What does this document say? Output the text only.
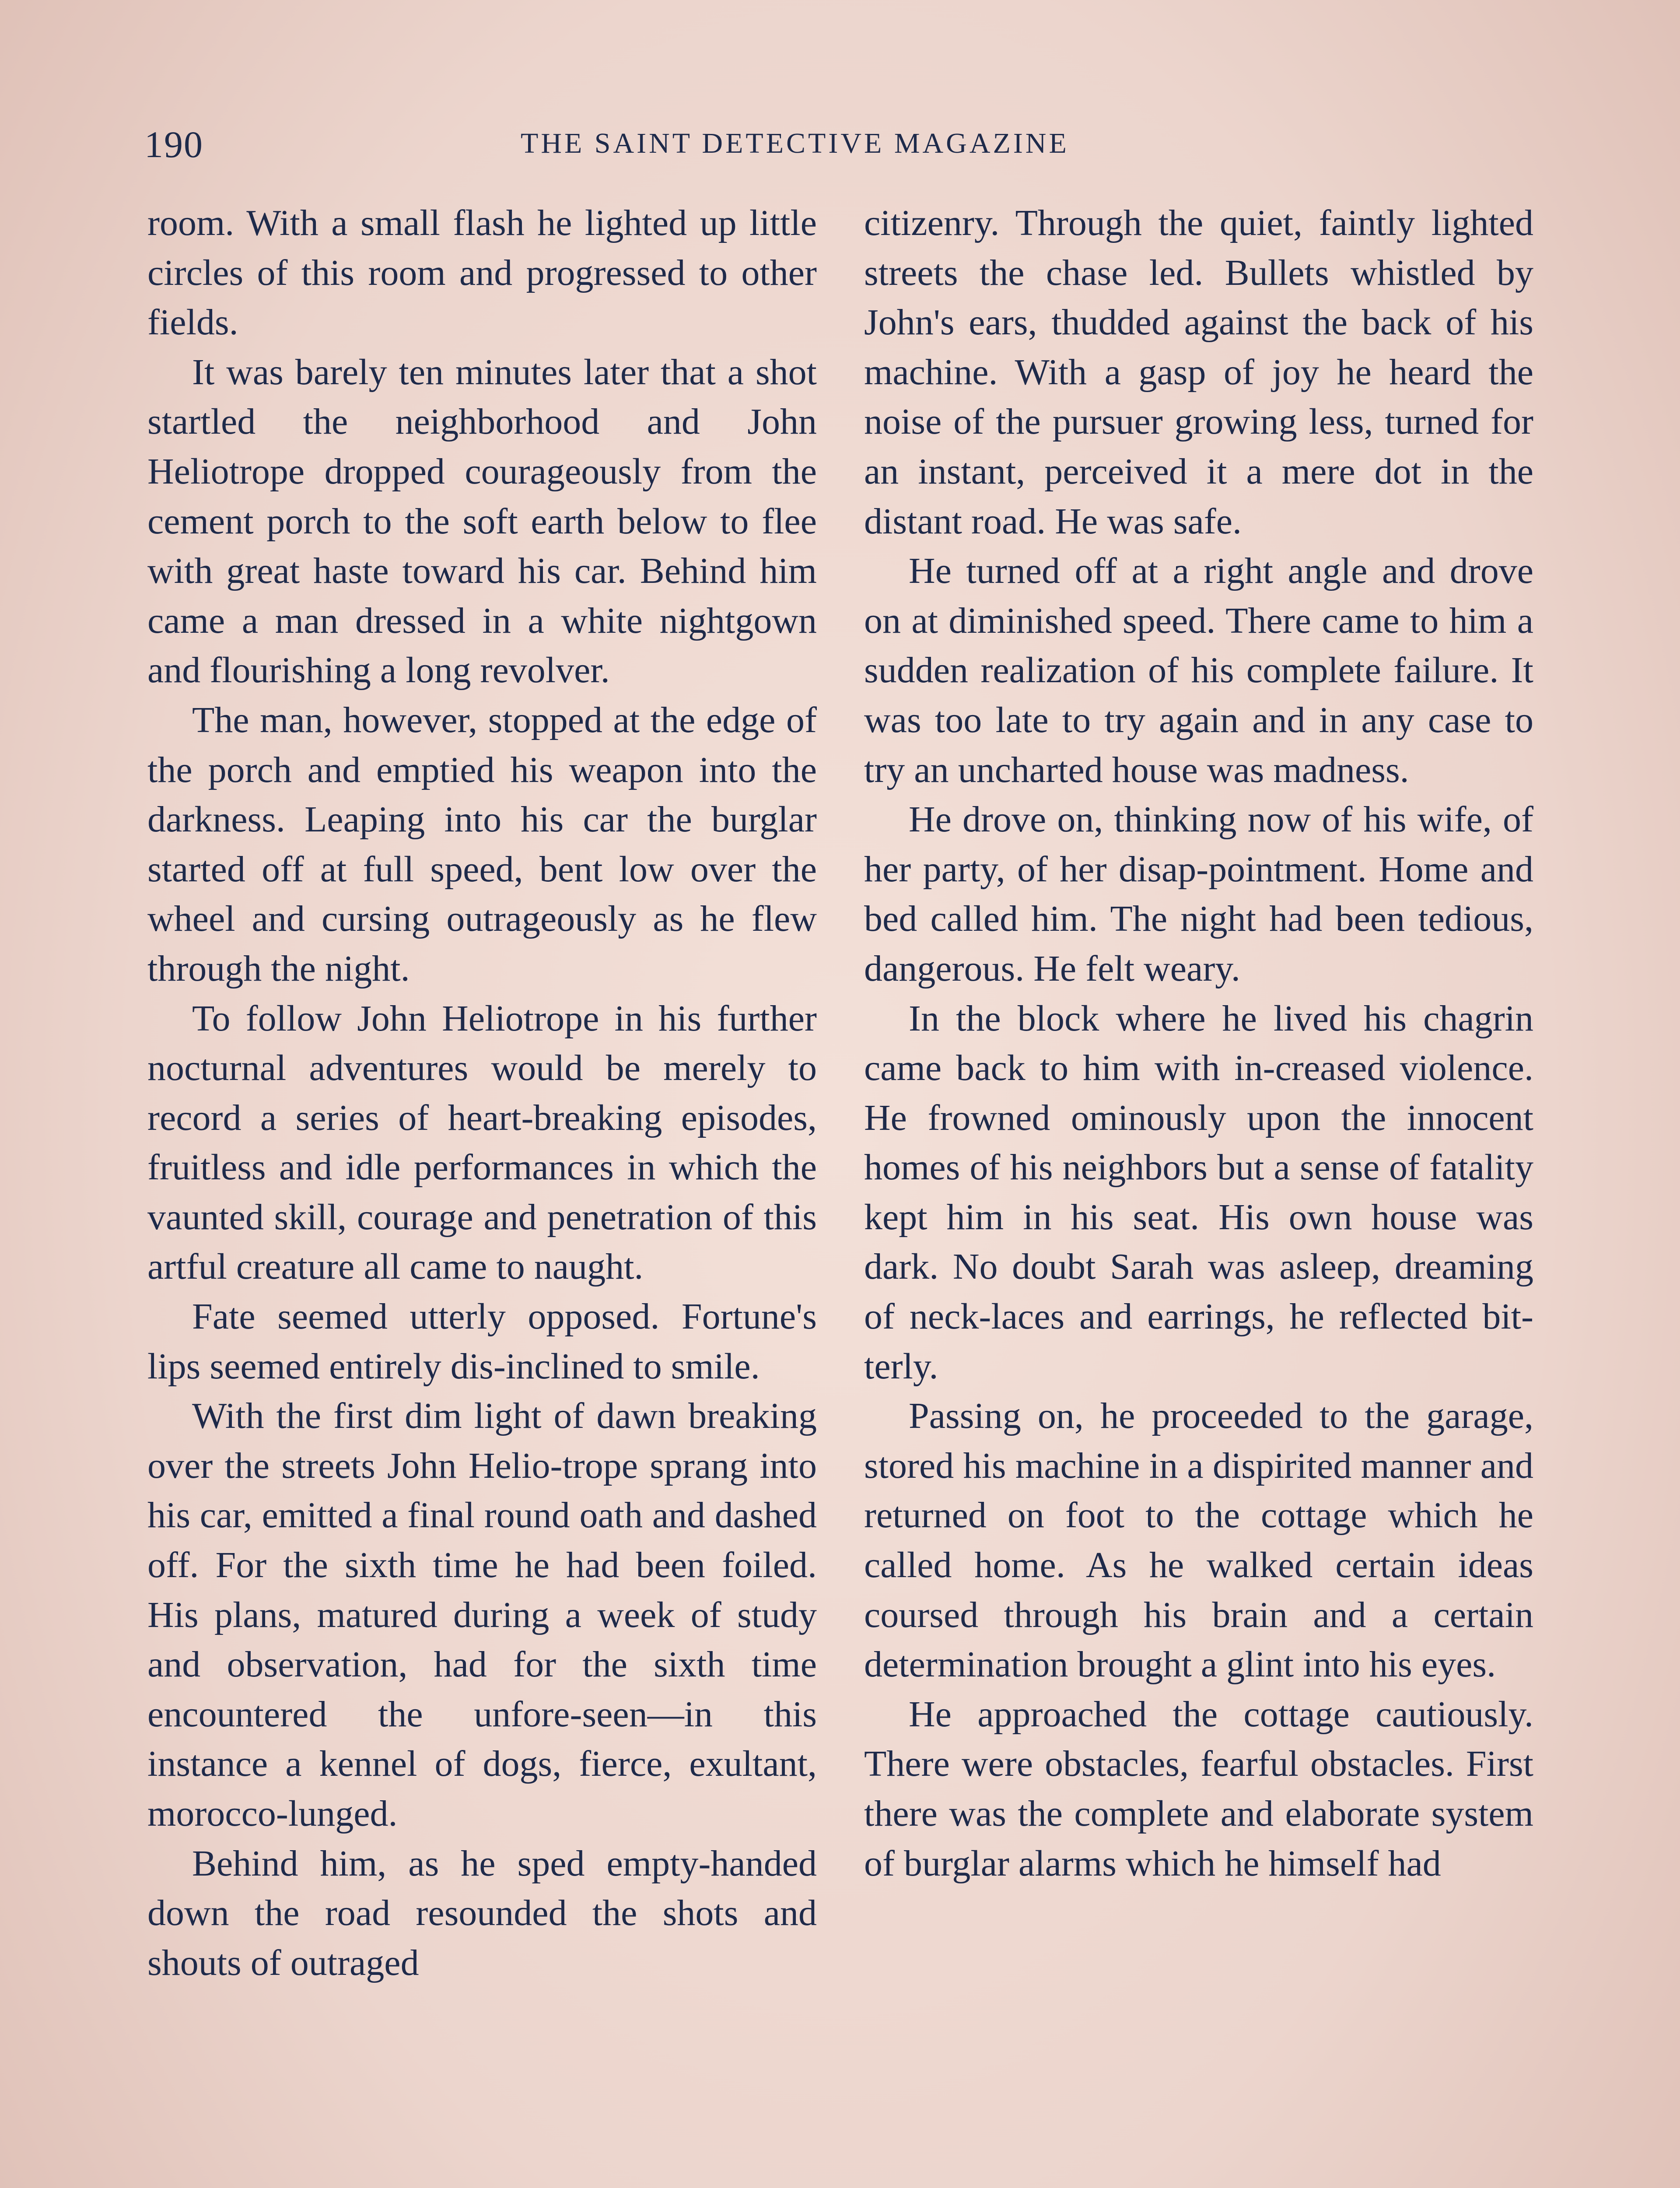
190	THE SAINT DETECTIVE MAGAZINE

room. With a small flash he lighted up little circles of this room and progressed to other fields.

It was barely ten minutes later that a shot startled the neighborhood and John Heliotrope dropped courageously from the cement porch to the soft earth below to flee with great haste toward his car. Behind him came a man dressed in a white nightgown and flourishing a long revolver.

The man, however, stopped at the edge of the porch and emptied his weapon into the darkness. Leaping into his car the burglar started off at full speed, bent low over the wheel and cursing outrageously as he flew through the night.

To follow John Heliotrope in his further nocturnal adventures would be merely to record a series of heart-breaking episodes, fruitless and idle performances in which the vaunted skill, courage and penetration of this artful creature all came to naught.

Fate seemed utterly opposed. Fortune's lips seemed entirely dis-inclined to smile.

With the first dim light of dawn breaking over the streets John Helio-trope sprang into his car, emitted a final round oath and dashed off. For the sixth time he had been foiled. His plans, matured during a week of study and observation, had for the sixth time encountered the unfore-seen—in this instance a kennel of dogs, fierce, exultant, morocco-lunged.

Behind him, as he sped empty-handed down the road resounded the shots and shouts of outraged

citizenry. Through the quiet, faintly lighted streets the chase led. Bullets whistled by John's ears, thudded against the back of his machine. With a gasp of joy he heard the noise of the pursuer growing less, turned for an instant, perceived it a mere dot in the distant road. He was safe.

He turned off at a right angle and drove on at diminished speed. There came to him a sudden realization of his complete failure. It was too late to try again and in any case to try an uncharted house was madness.

He drove on, thinking now of his wife, of her party, of her disap-pointment. Home and bed called him. The night had been tedious, dangerous. He felt weary.

In the block where he lived his chagrin came back to him with in-creased violence. He frowned ominously upon the innocent homes of his neighbors but a sense of fatality kept him in his seat. His own house was dark. No doubt Sarah was asleep, dreaming of neck-laces and earrings, he reflected bit-terly.

Passing on, he proceeded to the garage, stored his machine in a dispirited manner and returned on foot to the cottage which he called home. As he walked certain ideas coursed through his brain and a certain determination brought a glint into his eyes.

He approached the cottage cautiously. There were obstacles, fearful obstacles. First there was the complete and elaborate system of burglar alarms which he himself had
